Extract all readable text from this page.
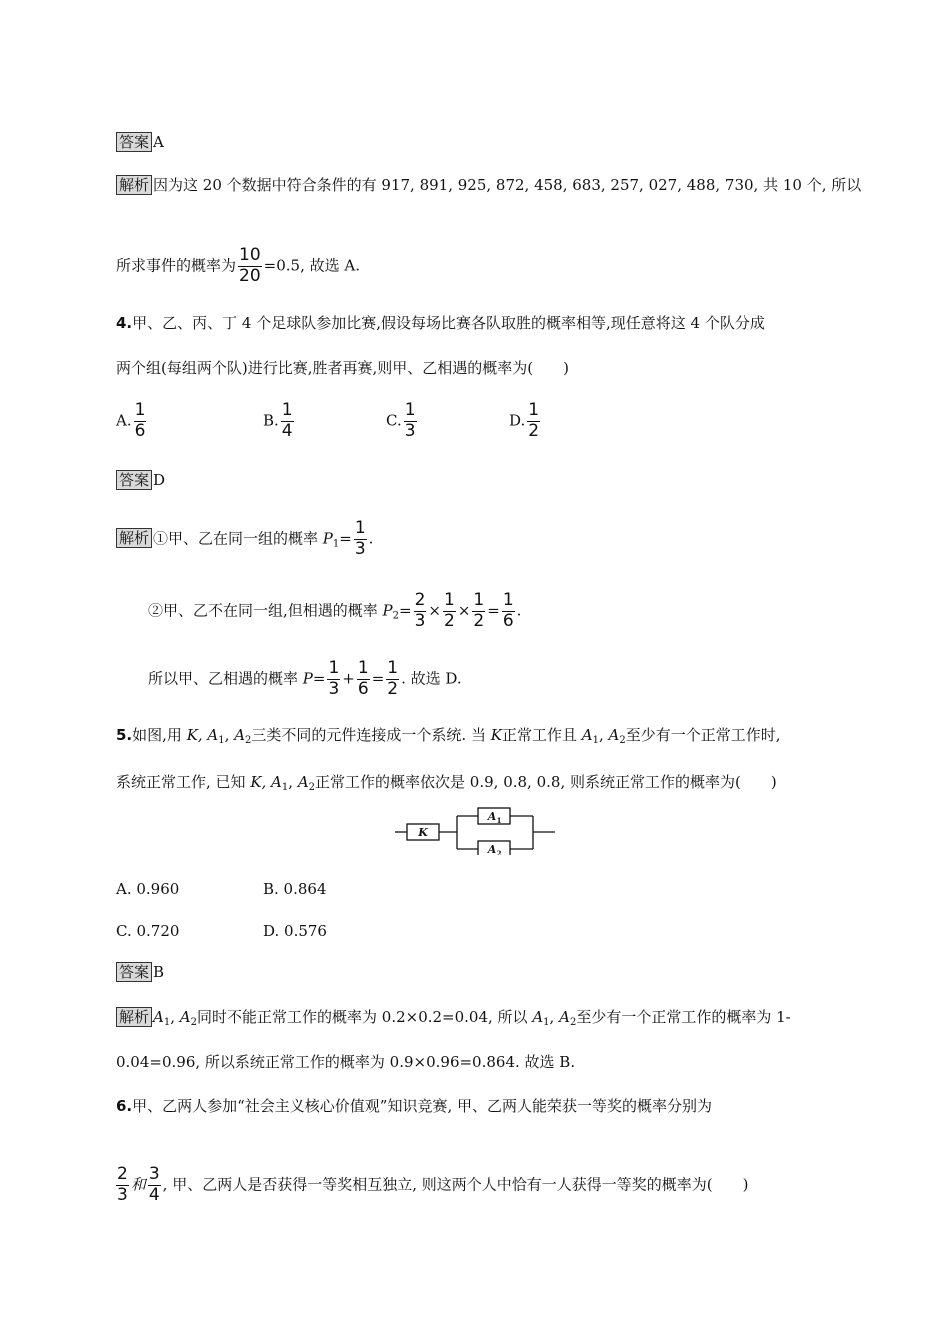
答案 A
解析 因为这 20 个数据中符合条件的有 917, 891, 925, 872, 458, 683, 257, 027, 488, 730, 共 10 个, 所以
所求事件的概率为 $\frac{10}{20} =0.5$, 故选 A.
4.甲、乙、丙、丁 4 个足球队参加比赛,假设每场比赛各队取胜的概率相等,现任意将这 4 个队分成
两个组(每组两个队)进行比赛,胜者再赛,则甲、乙相遇的概率为(　　)
A. $\frac{1}{6}$	B. $\frac{1}{4}$	C. $\frac{1}{3}$	D. $\frac{1}{2}$
答案 D
解析 ①甲、乙在同一组的概率 $P_1= \frac{1}{3}$ .
②甲、乙不在同一组,但相遇的概率 $P_2= \frac{2}{3} \times \frac{1}{2} \times \frac{1}{2} = \frac{1}{6}$ .
所以甲、乙相遇的概率 $P= \frac{1}{3} + \frac{1}{6} = \frac{1}{2}$ . 故选 D.
5.如图,用 K, $A_1$, $A_2$三类不同的元件连接成一个系统. 当 K正常工作且 $A_1$, $A_2$至少有一个正常工作时,
系统正常工作, 已知 K, $A_1$, $A_2$正常工作的概率依次是 0.9, 0.8, 0.8, 则系统正常工作的概率为(　　)
K
A 1
A 2
A. 0.960	B. 0.864
C. 0.720	D. 0.576
答案 B
解析 $A_1$, $A_2$同时不能正常工作的概率为 0.2×0.2=0.04, 所以 $A_1$, $A_2$至少有一个正常工作的概率为 1-
0.04=0.96, 所以系统正常工作的概率为 0.9×0.96=0.864. 故选 B.
6.甲、乙两人参加“社会主义核心价值观”知识竞赛, 甲、乙两人能荣获一等奖的概率分别为
$\frac{2}{3}$ 和 $\frac{3}{4}$ , 甲、乙两人是否获得一等奖相互独立, 则这两个人中恰有一人获得一等奖的概率为(　　)
